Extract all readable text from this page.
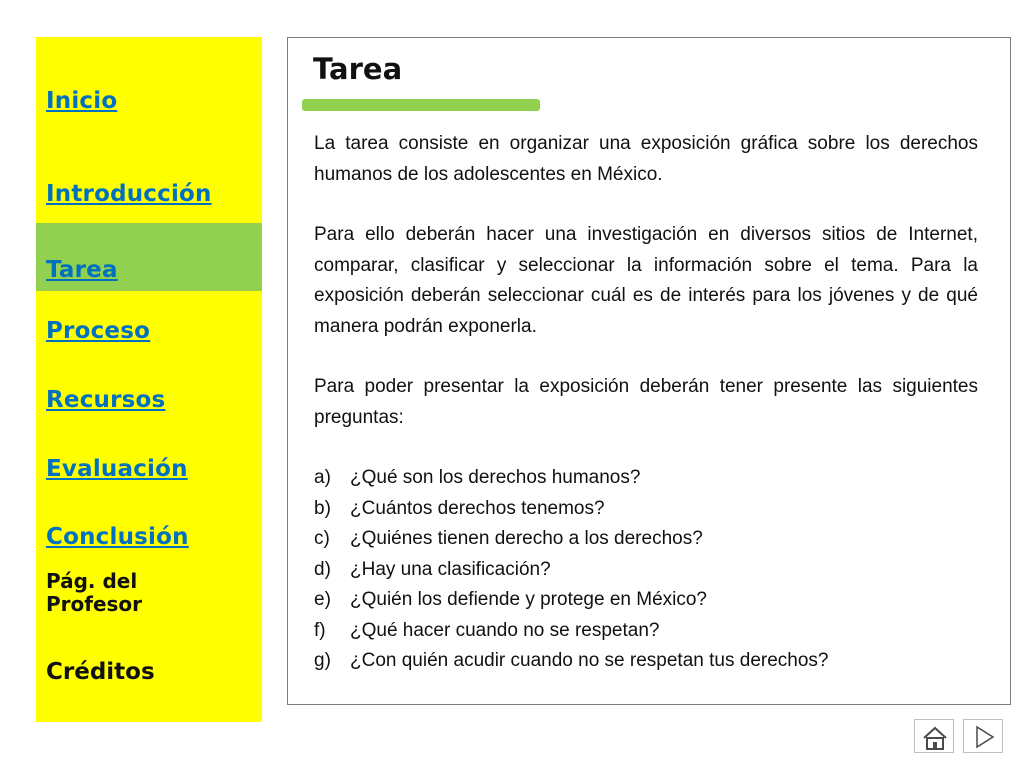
Inicio
Introducción
Tarea
Proceso
Recursos
Evaluación
Conclusión
Pág. del Profesor
Créditos
Tarea

La tarea consiste en organizar una exposición gráfica sobre los derechos humanos de los adolescentes en México.

Para ello deberán hacer una investigación en diversos sitios de Internet, comparar, clasificar y seleccionar la información sobre el tema. Para la exposición deberán seleccionar cuál es de interés para los jóvenes y de qué manera podrán exponerla.

Para poder presentar la exposición deberán tener presente las siguientes preguntas:

a)	¿Qué son los derechos humanos?
b)	¿Cuántos derechos tenemos?
c)	¿Quiénes tienen derecho a los derechos?
d)	¿Hay una clasificación?
e)	¿Quién los defiende y protege en México?
f)	¿Qué hacer cuando no se respetan?
g)	¿Con quién acudir cuando no se respetan tus derechos?
